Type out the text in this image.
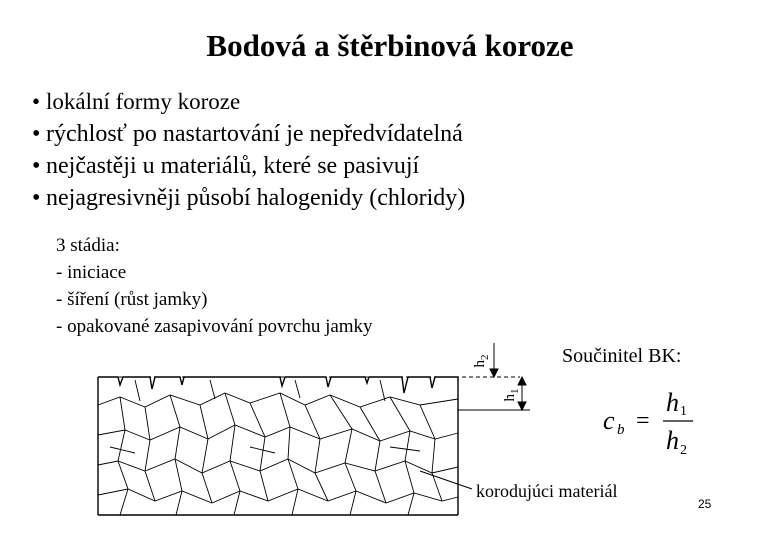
Bodová a štěrbinová koroze
• lokální formy koroze
• rýchlosť po nastartování je nepředvídatelná
• nejčastěji u materiálů, které se pasivují
• nejagresivněji působí halogenidy (chloridy)
3 stádia:
- iniciace
- šíření (růst jamky)
- opakované zasapivování povrchu jamky
Součinitel BK:
c b =
h 1
h 2
$h_2$
$h_1$
korodujúci materiál
25
